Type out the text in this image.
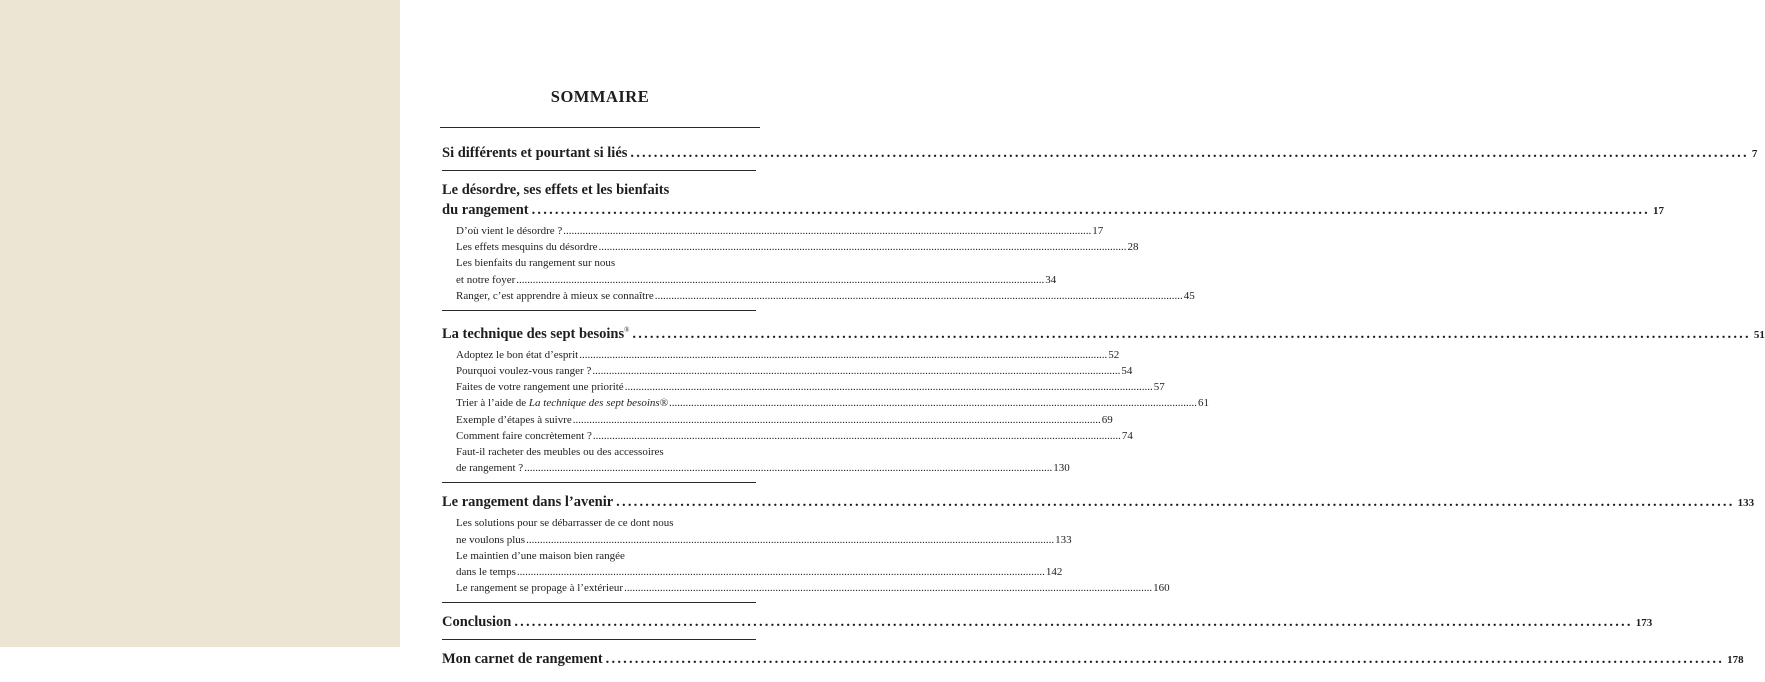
SOMMAIRE
Si différents et pourtant si liés ................................................................................................................................................................................................ 7
Le désordre, ses effets et les bienfaits
du rangement ................................................................................................................................................................................................ 17
D’où vient le désordre ? ................................................................................................................................................................................................ 17
Les effets mesquins du désordre ................................................................................................................................................................................................ 28
Les bienfaits du rangement sur nous
et notre foyer ................................................................................................................................................................................................ 34
Ranger, c’est apprendre à mieux se connaître ................................................................................................................................................................................................ 45
La technique des sept besoins® ................................................................................................................................................................................................ 51
Adoptez le bon état d’esprit ................................................................................................................................................................................................ 52
Pourquoi voulez-vous ranger ? ................................................................................................................................................................................................ 54
Faites de votre rangement une priorité ................................................................................................................................................................................................ 57
Trier à l’aide de La technique des sept besoins® ................................................................................................................................................................................................ 61
Exemple d’étapes à suivre ................................................................................................................................................................................................ 69
Comment faire concrètement ? ................................................................................................................................................................................................ 74
Faut-il racheter des meubles ou des accessoires
de rangement ? ................................................................................................................................................................................................ 130
Le rangement dans l’avenir ................................................................................................................................................................................................ 133
Les solutions pour se débarrasser de ce dont nous
ne voulons plus ................................................................................................................................................................................................ 133
Le maintien d’une maison bien rangée
dans le temps ................................................................................................................................................................................................ 142
Le rangement se propage à l’extérieur ................................................................................................................................................................................................ 160
Conclusion ................................................................................................................................................................................................ 173
Mon carnet de rangement ................................................................................................................................................................................................ 178
